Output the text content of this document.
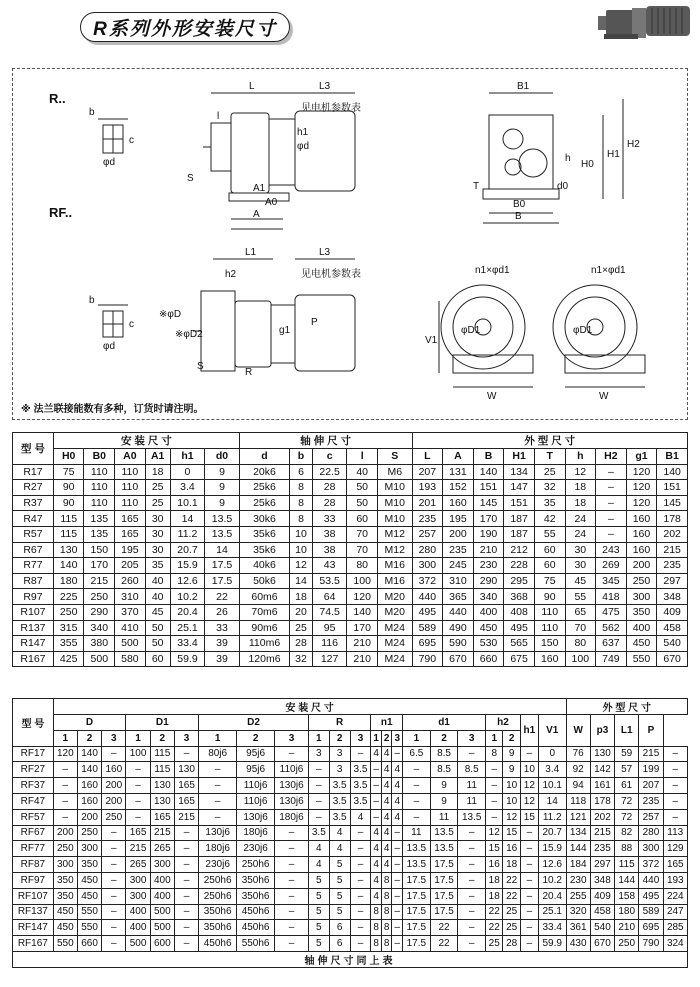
R系列外形安装尺寸
R..
RF..
b
c
φd
S
L	L3
见电机参数表
l
h1
φd
A1
A0
A
B1
h
H0
H1
H2
T
B0
d0
B
L1	L3
见电机参数表
h2
※φD
※φD2	g1
P
R
S
b
c
φd
n1×φd1	n1×φd1
φD1	φD1
V1
W	W
※ 法兰联接能数有多种，订货时请注明。
型 号	安 装 尺 寸						轴 伸 尺 寸					外 型 尺 寸								
	H0	B0	A0	A1	h1	d0	d	b	c	l	S	L	A	B	H1	T	h	H2	g1	B1
R17	75	110	110	18	0	9	20k6	6	22.5	40	M6	207	131	140	134	25	12	–	120	140
R27	90	110	110	25	3.4	9	25k6	8	28	50	M10	193	152	151	147	32	18	–	120	151
R37	90	110	110	25	10.1	9	25k6	8	28	50	M10	201	160	145	151	35	18	–	120	145
R47	115	135	165	30	14	13.5	30k6	8	33	60	M10	235	195	170	187	42	24	–	160	178
R57	115	135	165	30	11.2	13.5	35k6	10	38	70	M12	257	200	190	187	55	24	–	160	202
R67	130	150	195	30	20.7	14	35k6	10	38	70	M12	280	235	210	212	60	30	243	160	215
R77	140	170	205	35	15.9	17.5	40k6	12	43	80	M16	300	245	230	228	60	30	269	200	235
R87	180	215	260	40	12.6	17.5	50k6	14	53.5	100	M16	372	310	290	295	75	45	345	250	297
R97	225	250	310	40	10.2	22	60m6	18	64	120	M20	440	365	340	368	90	55	418	300	348
R107	250	290	370	45	20.4	26	70m6	20	74.5	140	M20	495	440	400	408	110	65	475	350	409
R137	315	340	410	50	25.1	33	90m6	25	95	170	M24	589	490	450	495	110	70	562	400	458
R147	355	380	500	50	33.4	39	110m6	28	116	210	M24	695	590	530	565	150	80	637	450	540
R167	425	500	580	60	59.9	39	120m6	32	127	210	M24	790	670	660	675	160	100	749	550	670
型 号	安 装 尺 寸																						外 型 尺 寸				
	D			D1			D2			R			n1			d1			h2		h1	V1	W	p3	L1	P	
	1	2	3	1	2	3	1	2	3	1	2	3	1	2	3	1	2	3	1	2							
RF17	120	140	–	100	115	–	80j6	95j6	–	3	3	–	4	4	–	6.5	8.5	–	8	9	–	0	76	130	59	215	–
RF27	–	140	160	–	115	130	–	95j6	110j6	–	3	3.5	–	4	4	–	8.5	8.5	–	9	10	3.4	92	142	57	199	–
RF37	–	160	200	–	130	165	–	110j6	130j6	–	3.5	3.5	–	4	4	–	9	11	–	10	12	10.1	94	161	61	207	–
RF47	–	160	200	–	130	165	–	110j6	130j6	–	3.5	3.5	–	4	4	–	9	11	–	10	12	14	118	178	72	235	–
RF57	–	200	250	–	165	215	–	130j6	180j6	–	3.5	4	–	4	4	–	11	13.5	–	12	15	11.2	121	202	72	257	–
RF67	200	250	–	165	215	–	130j6	180j6	–	3.5	4	–	4	4	–	11	13.5	–	12	15	–	20.7	134	215	82	280	113
RF77	250	300	–	215	265	–	180j6	230j6	–	4	4	–	4	4	–	13.5	13.5	–	15	16	–	15.9	144	235	88	300	129
RF87	300	350	–	265	300	–	230j6	250h6	–	4	5	–	4	4	–	13.5	17.5	–	16	18	–	12.6	184	297	115	372	165
RF97	350	450	–	300	400	–	250h6	350h6	–	5	5	–	4	8	–	17.5	17.5	–	18	22	–	10.2	230	348	144	440	193
RF107	350	450	–	300	400	–	250h6	350h6	–	5	5	–	4	8	–	17.5	17.5	–	18	22	–	20.4	255	409	158	495	224
RF137	450	550	–	400	500	–	350h6	450h6	–	5	5	–	8	8	–	17.5	17.5	–	22	25	–	25.1	320	458	180	589	247
RF147	450	550	–	400	500	–	350h6	450h6	–	5	6	–	8	8	–	17.5	22	–	22	25	–	33.4	361	540	210	695	285
RF167	550	660	–	500	600	–	450h6	550h6	–	5	6	–	8	8	–	17.5	22	–	25	28	–	59.9	430	670	250	790	324
轴伸尺寸同上表																											
